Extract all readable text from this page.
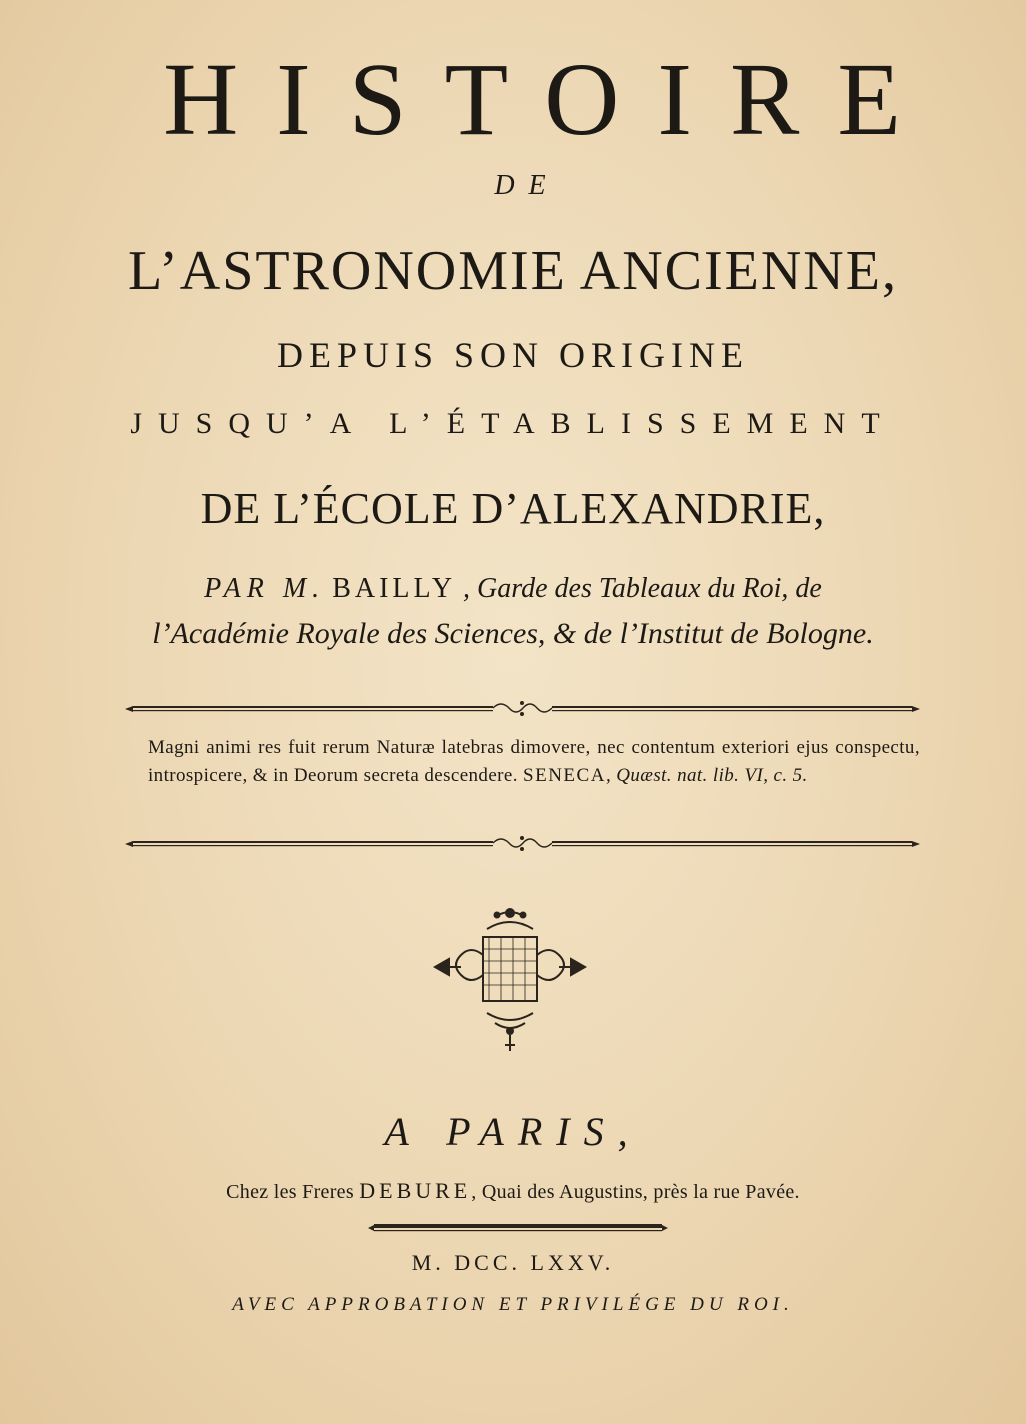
HISTOIRE
DE
L’ASTRONOMIE ANCIENNE,
DEPUIS SON ORIGINE
JUSQU’A L’ÉTABLISSEMENT
DE L’ÉCOLE D’ALEXANDRIE,
PAR M. BAILLY , Garde des Tableaux du Roi, de
l’Académie Royale des Sciences, & de l’Institut de Bologne.
Magni animi res fuit rerum Naturæ latebras dimovere, nec contentum exteriori ejus conspectu, introspicere, & in Deorum secreta descendere. SENECA, Quæst. nat. lib. VI, c. 5.
A PARIS,
Chez les Freres DEBURE, Quai des Augustins, près la rue Pavée.
M. DCC. LXXV.
AVEC APPROBATION ET PRIVILÉGE DU ROI.
